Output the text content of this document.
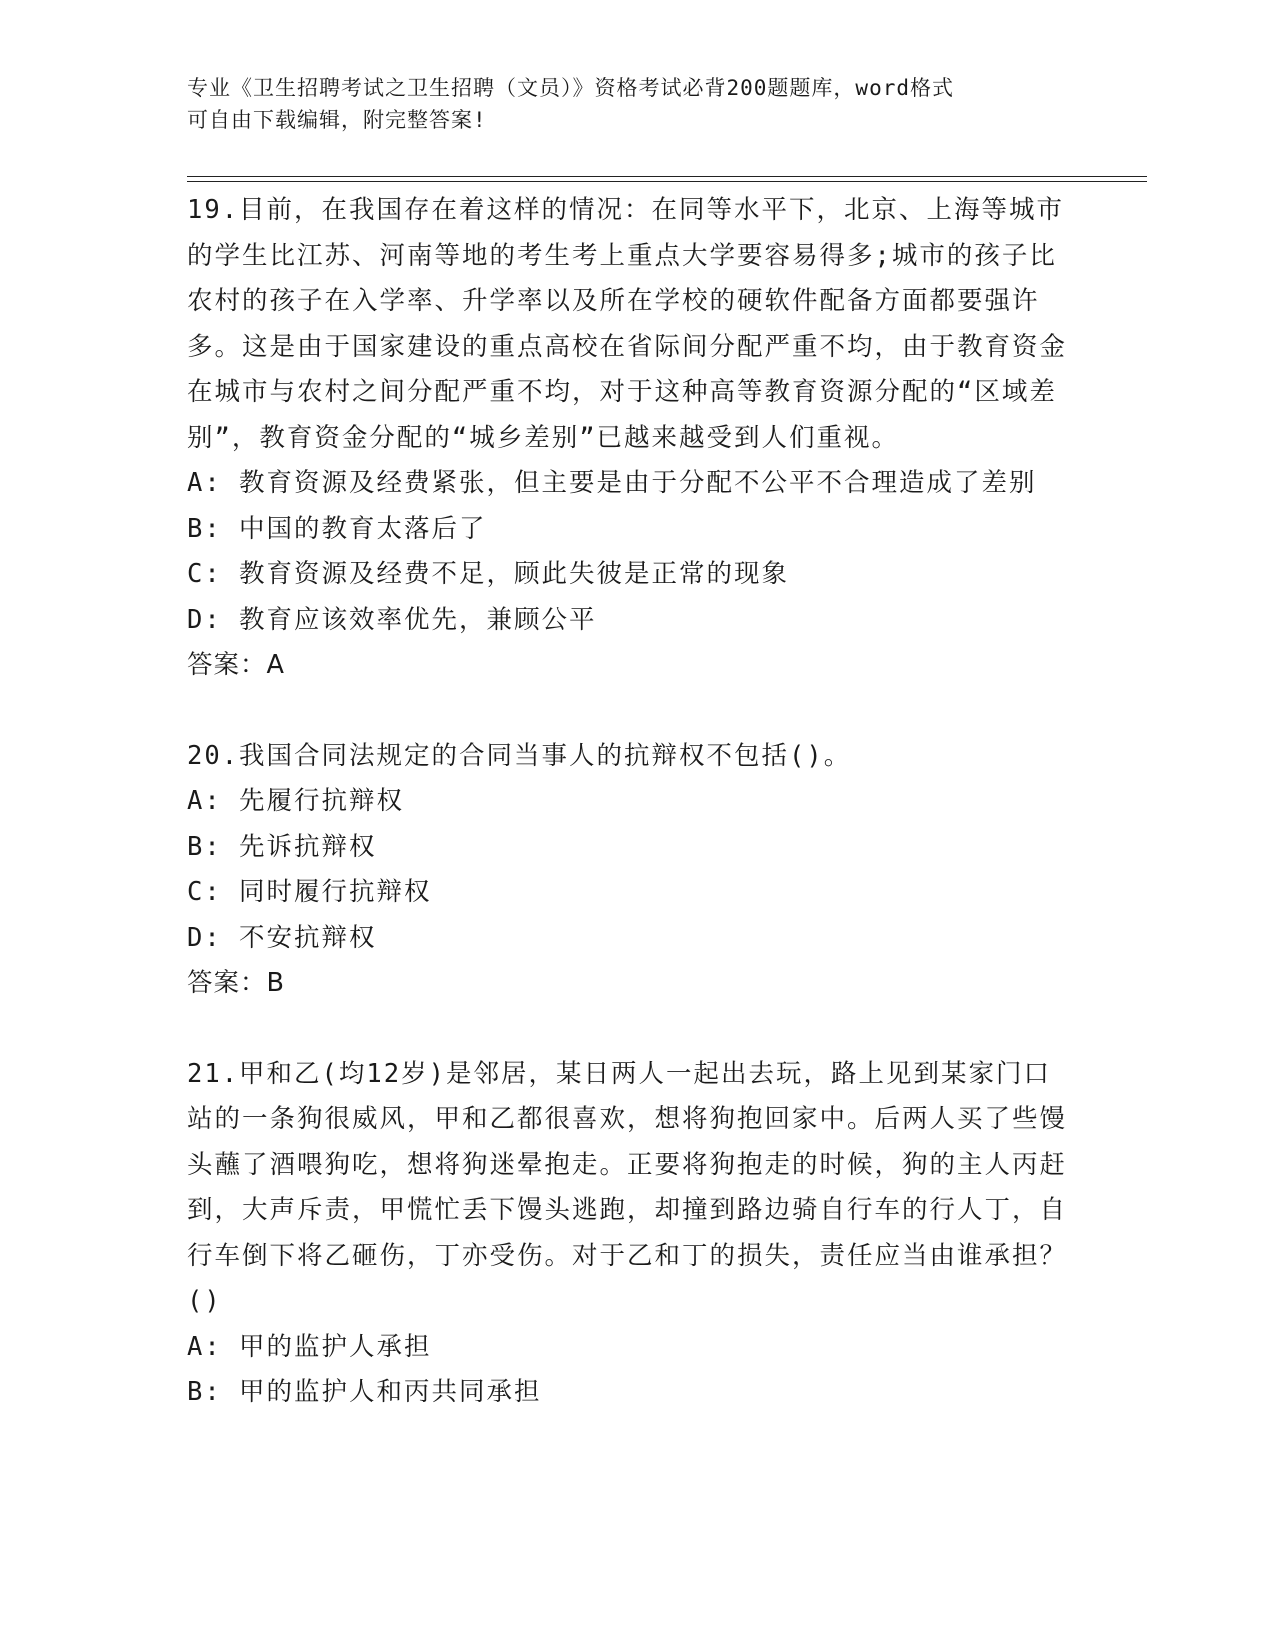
专业《卫生招聘考试之卫生招聘（文员）》资格考试必背200题题库，word格式
可自由下载编辑，附完整答案!
19.目前，在我国存在着这样的情况：在同等水平下，北京、上海等城市的学生比江苏、河南等地的考生考上重点大学要容易得多;城市的孩子比农村的孩子在入学率、升学率以及所在学校的硬软件配备方面都要强许多。这是由于国家建设的重点高校在省际间分配严重不均，由于教育资金在城市与农村之间分配严重不均，对于这种高等教育资源分配的“区域差别”，教育资金分配的“城乡差别”已越来越受到人们重视。
A: 教育资源及经费紧张，但主要是由于分配不公平不合理造成了差别
B: 中国的教育太落后了
C: 教育资源及经费不足，顾此失彼是正常的现象
D: 教育应该效率优先，兼顾公平
答案：A
20.我国合同法规定的合同当事人的抗辩权不包括()。
A: 先履行抗辩权
B: 先诉抗辩权
C: 同时履行抗辩权
D: 不安抗辩权
答案：B
21.甲和乙(均12岁)是邻居，某日两人一起出去玩，路上见到某家门口站的一条狗很威风，甲和乙都很喜欢，想将狗抱回家中。后两人买了些馒头蘸了酒喂狗吃，想将狗迷晕抱走。正要将狗抱走的时候，狗的主人丙赶到，大声斥责，甲慌忙丢下馒头逃跑，却撞到路边骑自行车的行人丁，自行车倒下将乙砸伤，丁亦受伤。对于乙和丁的损失，责任应当由谁承担？()
A: 甲的监护人承担
B: 甲的监护人和丙共同承担
